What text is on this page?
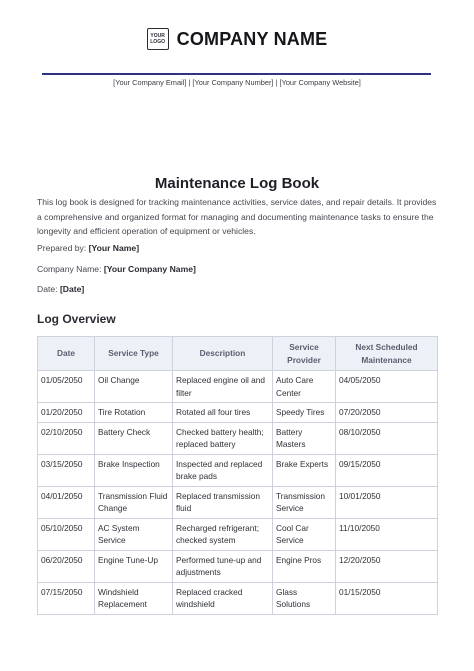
YOUR
LOGO COMPANY NAME
[Your Company Email] | [Your Company Number] | [Your Company Website]
Maintenance Log Book
This log book is designed for tracking maintenance activities, service dates, and repair details. It provides a comprehensive and organized format for managing and documenting maintenance tasks to ensure the longevity and efficient operation of equipment or vehicles.
Prepared by: [Your Name]
Company Name: [Your Company Name]
Date: [Date]
Log Overview
Date	Service Type	Description	Service Provider	Next Scheduled Maintenance
01/05/2050	Oil Change	Replaced engine oil and filter	Auto Care Center	04/05/2050
01/20/2050	Tire Rotation	Rotated all four tires	Speedy Tires	07/20/2050
02/10/2050	Battery Check	Checked battery health; replaced battery	Battery Masters	08/10/2050
03/15/2050	Brake Inspection	Inspected and replaced brake pads	Brake Experts	09/15/2050
04/01/2050	Transmission Fluid Change	Replaced transmission fluid	Transmission Service	10/01/2050
05/10/2050	AC System Service	Recharged refrigerant; checked system	Cool Car Service	11/10/2050
06/20/2050	Engine Tune-Up	Performed tune-up and adjustments	Engine Pros	12/20/2050
07/15/2050	Windshield Replacement	Replaced cracked windshield	Glass Solutions	01/15/2050
